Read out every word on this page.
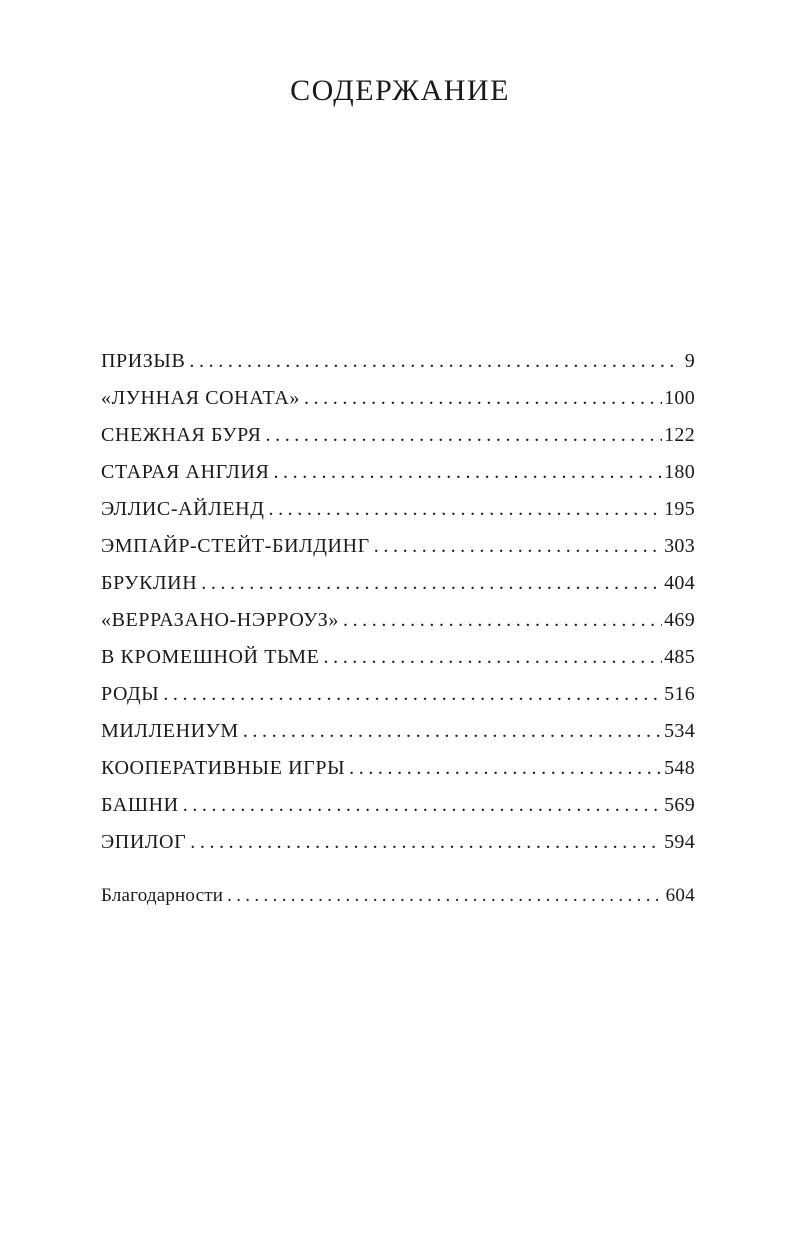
СОДЕРЖАНИЕ
ПРИЗЫВ . . .	9
«ЛУННАЯ СОНАТА» . . .	100
СНЕЖНАЯ БУРЯ . . .	122
СТАРАЯ АНГЛИЯ . . .	180
ЭЛЛИС-АЙЛЕНД . . .	195
ЭМПАЙР-СТЕЙТ-БИЛДИНГ . . .	303
БРУКЛИН . . .	404
«ВЕРРАЗАНО-НЭРРОУЗ» . . .	469
В КРОМЕШНОЙ ТЬМЕ . . .	485
РОДЫ . . .	516
МИЛЛЕНИУМ . . .	534
КООПЕРАТИВНЫЕ ИГРЫ . . .	548
БАШНИ . . .	569
ЭПИЛОГ . . .	594
Благодарности . . .	604
